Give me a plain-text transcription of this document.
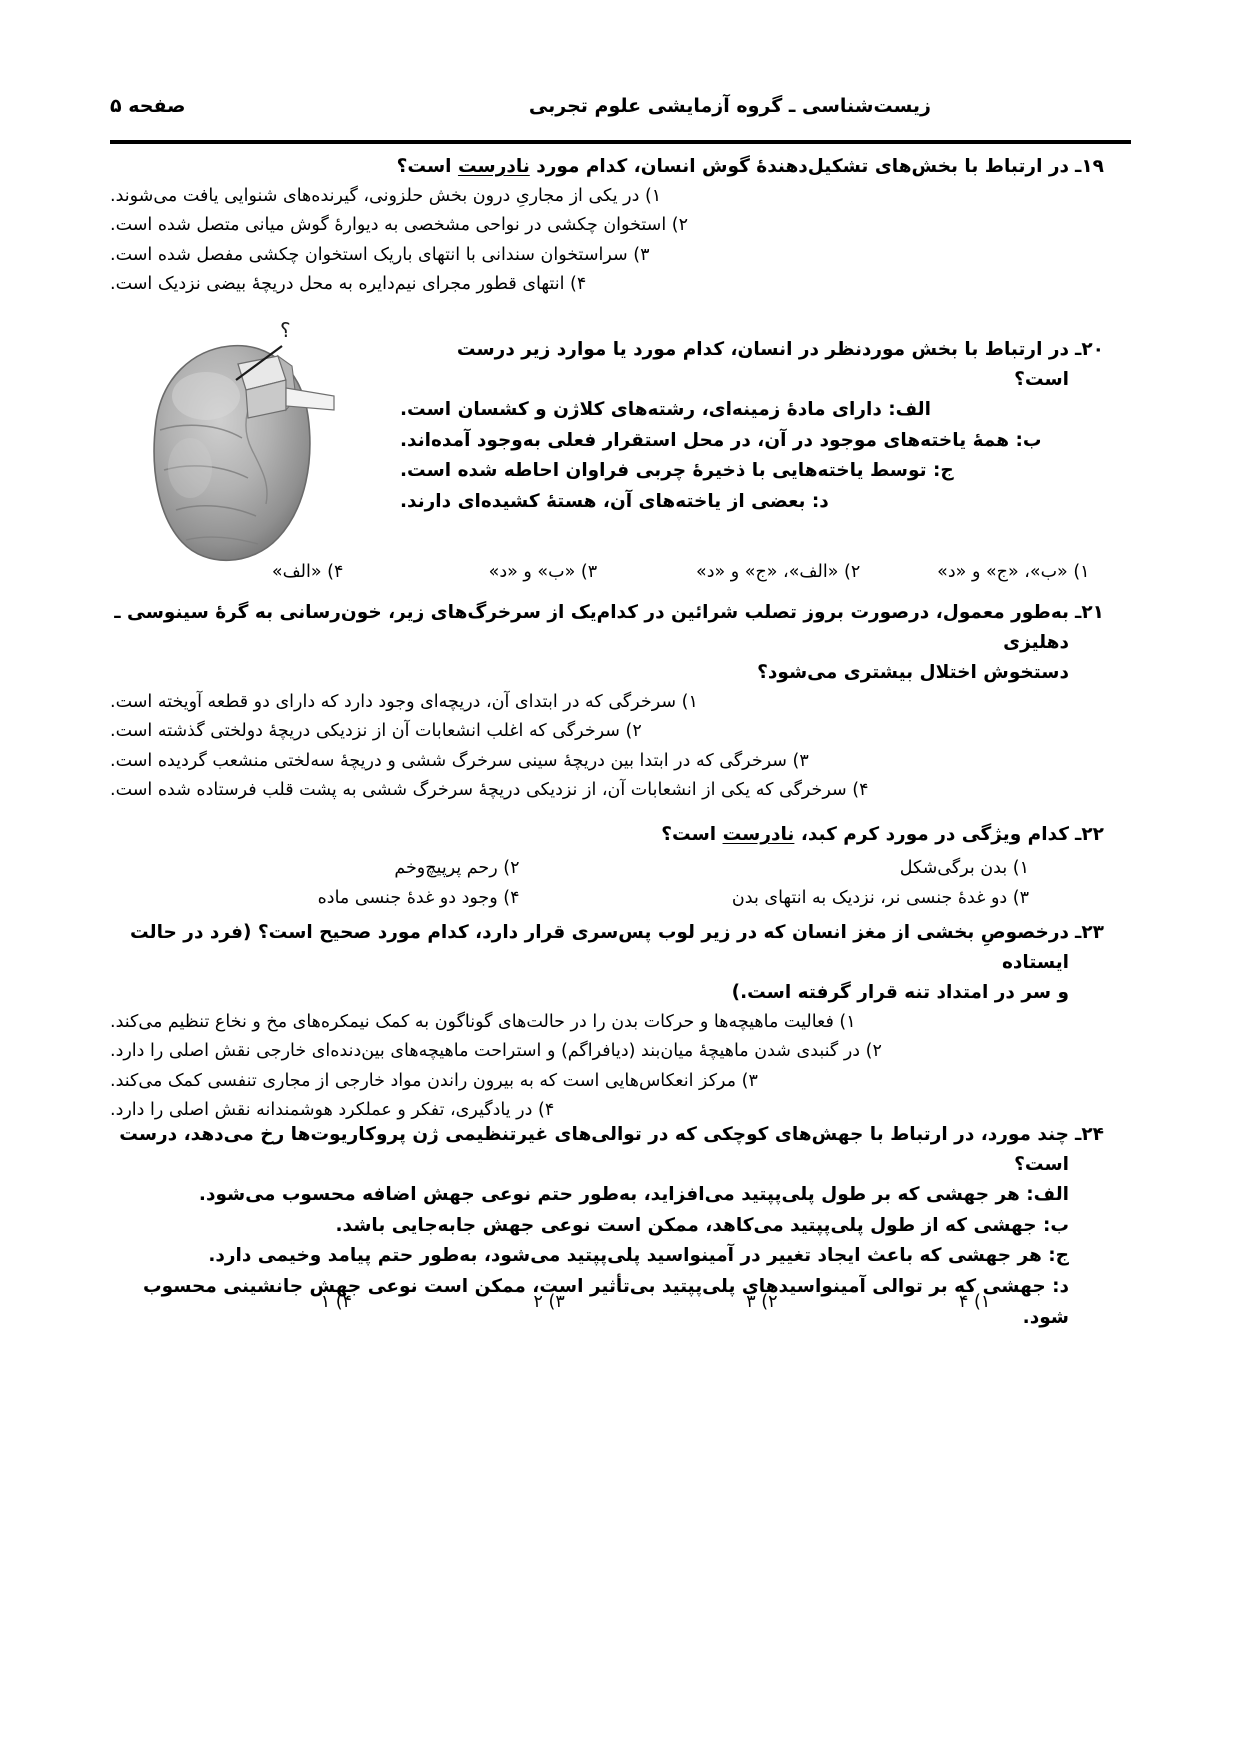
زیست‌شناسی ـ گروه آزمایشی علوم تجربی
صفحه ۵
؟
۱۹ـ
در ارتباط با بخش‌های تشکیل‌دهندۀ گوش انسان، کدام مورد نادرست است؟
۱) در یکی از مجاریِ درون بخش حلزونی، گیرنده‌های شنوایی یافت می‌شوند.
۲) استخوان چکشی در نواحی مشخصی به دیوارۀ گوش میانی متصل شده است.
۳) سراستخوان سندانی با انتهای باریک استخوان چکشی مفصل شده است.
۴) انتهای قطور مجرای نیم‌دایره به محل دریچۀ بیضی نزدیک است.
۲۰ـ
در ارتباط با بخش موردنظر در انسان، کدام مورد یا موارد زیر درست است؟
الف: دارای مادۀ زمینه‌ای، رشته‌های کلاژن و کشسان است.
ب: همۀ یاخته‌های موجود در آن، در محل استقرار فعلی به‌وجود آمده‌اند.
ج: توسط یاخته‌هایی با ذخیرۀ چربی فراوان احاطه شده است.
د: بعضی از یاخته‌های آن، هستۀ کشیده‌ای دارند.
۱) «ب»، «ج» و «د»
۲) «الف»، «ج» و «د»
۳) «ب» و «د»
۴) «الف»
۲۱ـ
به‌طور معمول، درصورت بروز تصلب شرائین در کدام‌یک از سرخرگ‌های زیر، خون‌رسانی به گرۀ سینوسی ـ دهلیزی
دستخوش اختلال بیشتری می‌شود؟
۱) سرخرگی که در ابتدای آن، دریچه‌ای وجود دارد که دارای دو قطعه آویخته است.
۲) سرخرگی که اغلب انشعابات آن از نزدیکی دریچۀ دولختی گذشته است.
۳) سرخرگی که در ابتدا بین دریچۀ سینی سرخرگ ششی و دریچۀ سه‌لختی منشعب گردیده است.
۴) سرخرگی که یکی از انشعابات آن، از نزدیکی دریچۀ سرخرگ ششی به پشت قلب فرستاده شده است.
۲۲ـ
کدام ویژگی در مورد کرم کبد، نادرست است؟
۱) بدن برگی‌شکل
۲) رحم پرپیچ‌وخم
۳) دو غدۀ جنسی نر، نزدیک به انتهای بدن
۴) وجود دو غدۀ جنسی ماده
۲۳ـ
درخصوصِ بخشی از مغز انسان که در زیر لوب پس‌سری قرار دارد، کدام مورد صحیح است؟ (فرد در حالت ایستاده
و سر در امتداد تنه قرار گرفته است.)
۱) فعالیت ماهیچه‌ها و حرکات بدن را در حالت‌های گوناگون به کمک نیمکره‌های مخ و نخاع تنظیم می‌کند.
۲) در گنبدی شدن ماهیچۀ میان‌بند (دیافراگم) و استراحت ماهیچه‌های بین‌دنده‌ای خارجی نقش اصلی را دارد.
۳) مرکز انعکاس‌هایی است که به بیرون راندن مواد خارجی از مجاری تنفسی کمک می‌کند.
۴) در یادگیری، تفکر و عملکرد هوشمندانه نقش اصلی را دارد.
۲۴ـ
چند مورد، در ارتباط با جهش‌های کوچکی که در توالی‌های غیرتنظیمی ژن پروکاریوت‌ها رخ می‌دهد، درست است؟
الف: هر جهشی که بر طول پلی‌پپتید می‌افزاید، به‌طور حتم نوعی جهش اضافه محسوب می‌شود.
ب: جهشی که از طول پلی‌پپتید می‌کاهد، ممکن است نوعی جهش جابه‌جایی باشد.
ج: هر جهشی که باعث ایجاد تغییر در آمینواسید پلی‌پپتید می‌شود، به‌طور حتم پیامد وخیمی دارد.
د: جهشی که بر توالی آمینواسیدهای پلی‌پپتید بی‌تأثیر است، ممکن است نوعی جهش جانشینی محسوب شود.
۱) ۴
۲) ۳
۳) ۲
۴) ۱
